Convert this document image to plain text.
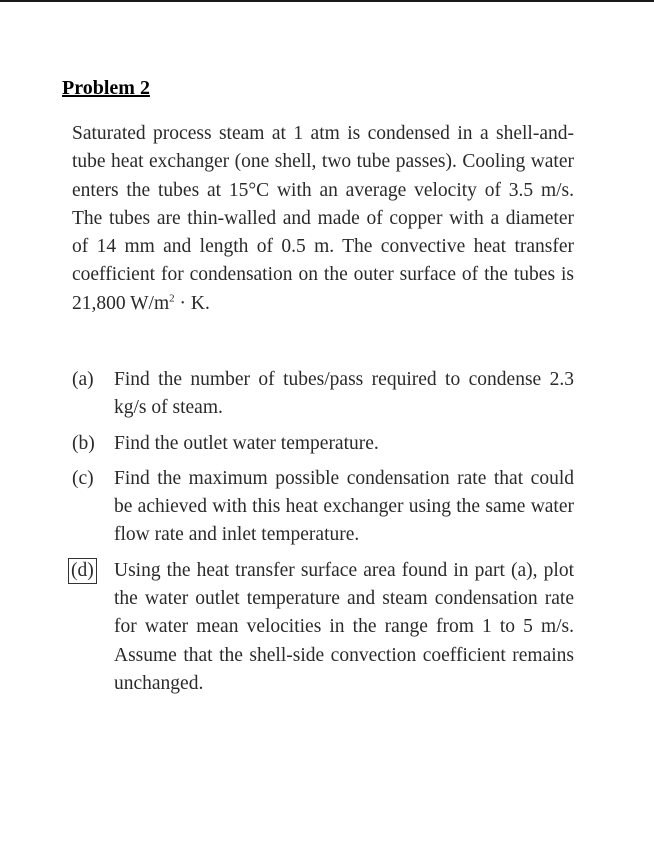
Problem 2

Saturated process steam at 1 atm is condensed in a shell-and-tube heat exchanger (one shell, two tube passes). Cooling water enters the tubes at 15°C with an average velocity of 3.5 m/s. The tubes are thin-walled and made of copper with a diameter of 14 mm and length of 0.5 m. The convective heat transfer coefficient for condensation on the outer surface of the tubes is 21,800 $W/m^2 \cdot K$.

(a)	Find the number of tubes/pass required to condense 2.3 kg/s of steam.
(b) Find the outlet water temperature.
(c)	Find the maximum possible condensation rate that could be achieved with this heat exchanger using the same water flow rate and inlet temperature.
(d)	Using the heat transfer surface area found in part (a), plot the water outlet temperature and steam condensation rate for water mean velocities in the range from 1 to 5 m/s. Assume that the shell-side convection coefficient remains unchanged.
